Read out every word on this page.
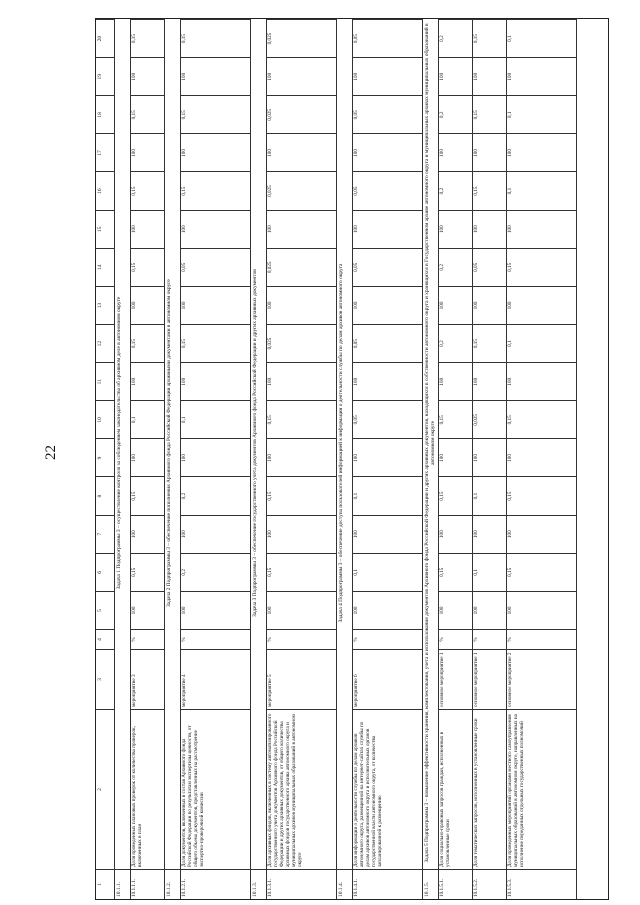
22
1
2
3
4
5
6
7
8
9
10
11
12
13
14
15
16
17
18
19
20
10.1.1.
Задача 1 Подпрограммы 3 – осуществление контроля за соблюдением законодательства об архивном деле в автономном округе
10.1.1.1.
Доля проведенных плановых проверок от количества проверок, включенных в план
мероприятие 3
%
100
0,15
100
0,15
100
0,1
100
0,15
100
0,15
100
0,15
100
0,15
100
0,15
10.1.2.
Задача 2 Подпрограммы 3 – обеспечение пополнения Архивного фонда Российской Федерации архивными документами в автономном округе
10.1.2.1.
Доля документов, включенных в состав Архивного фонда Российской Федерации по результатам экспертизы ценности, от общего объема документов, представленных на рассмотрение экспертно-проверочной комиссии
мероприятие 4
%
100
0,2
100
0,2
100
0,1
100
0,15
100
0,05
100
0,15
100
0,15
100
0,15
10.1.3.
Задача 3 Подпрограммы 3 – обеспечение государственного учета документов Архивного фонда Российской Федерации и других архивных документов
10.1.3.1.
Доля архивных фондов, включенных в систему автоматизированного государственного учета документов Архивного фонда Российской Федерации и других архивных документов, от общего количества архивных фондов государственного архива автономного округа и муниципальных архивов муниципальных образований в автономном округе
мероприятие 5
%
100
0,15
100
0,15
100
0,15
100
0,025
100
0,025
100
0,025
100
0,025
100
0,025
10.1.4.
Задача 4 Подпрограммы 3 – обеспечение доступа пользователей информацией к информации о деятельности службы по делам архивов автономного округа
10.1.4.1.
Доля информации о деятельности службы по делам архивов автономного округа, размещенной на интернет-сайтах службы по делам архивов автономного округа и исполнительных органов государственной власти автономного округа, от количества запланированной к размещению
мероприятие 6
%
100
0,1
100
0,1
100
0,05
100
0,05
100
0,05
100
0,05
100
0,05
100
0,05
10.1.5.
Задача 5 Подпрограммы 3 – повышение эффективности хранения, комплектования, учета и использования документов Архивного фонда Российской Федерации и других архивных документов, находящихся в собственности автономного округа и хранящихся в Государственном архиве автономного округа и муниципальных архивах муниципальных образований в автономном округе
10.1.5.1.
Доля социально-правовых запросов граждан, исполненных в установленные сроки
основное мероприятие 1
%
100
0,15
100
0,15
100
0,15
100
0,2
100
0,2
100
0,2
100
0,2
100
0,2
10.1.5.2.
Доля тематических запросов, исполненных в установленные сроки
основное мероприятие 1
%
100
0,1
100
0,1
100
0,025
100
0,15
100
0,05
100
0,15
100
0,15
100
0,15
10.1.5.3.
Доля проведенных мероприятий органами местного самоуправления муниципальных образований в автономном округе, направленных на исполнение переданных отдельных государственных полномочий
основное мероприятие 2
%
100
0,15
100
0,15
100
0,15
100
0,1
100
0,15
100
0,1
100
0,1
100
0,1
